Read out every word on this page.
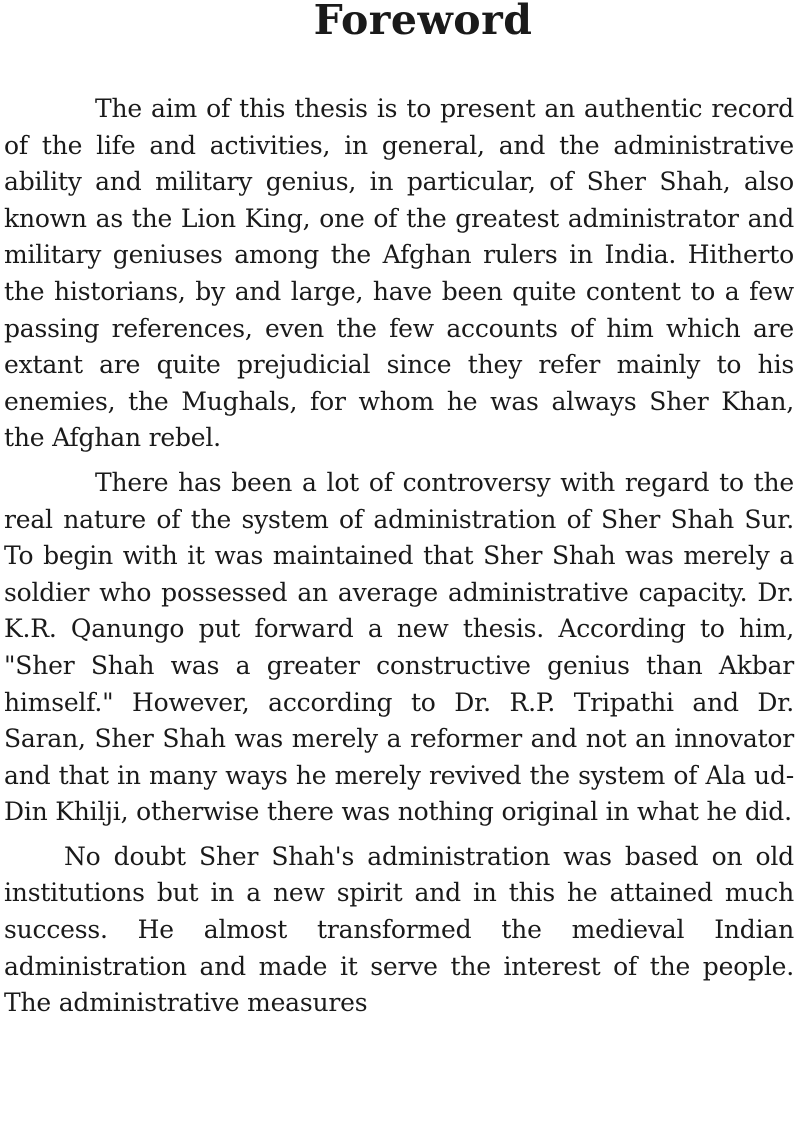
Foreword

The aim of this thesis is to present an authentic record of the life and activities, in general, and the administrative ability and military genius, in particular, of Sher Shah, also known as the Lion King, one of the greatest administrator and military geniuses among the Afghan rulers in India. Hitherto the historians, by and large, have been quite content to a few passing references, even the few accounts of him which are extant are quite prejudicial since they refer mainly to his enemies, the Mughals, for whom he was always Sher Khan, the Afghan rebel.

There has been a lot of controversy with regard to the real nature of the system of administration of Sher Shah Sur. To begin with it was maintained that Sher Shah was merely a soldier who possessed an average administrative capacity. Dr. K.R. Qanungo put forward a new thesis. According to him, "Sher Shah was a greater constructive genius than Akbar himself." However, according to Dr. R.P. Tripathi and Dr. Saran, Sher Shah was merely a reformer and not an innovator and that in many ways he merely revived the system of Ala ud-Din Khilji, otherwise there was nothing original in what he did.

No doubt Sher Shah's administration was based on old institutions but in a new spirit and in this he attained much success. He almost transformed the medieval Indian administration and made it serve the interest of the people. The administrative measures
